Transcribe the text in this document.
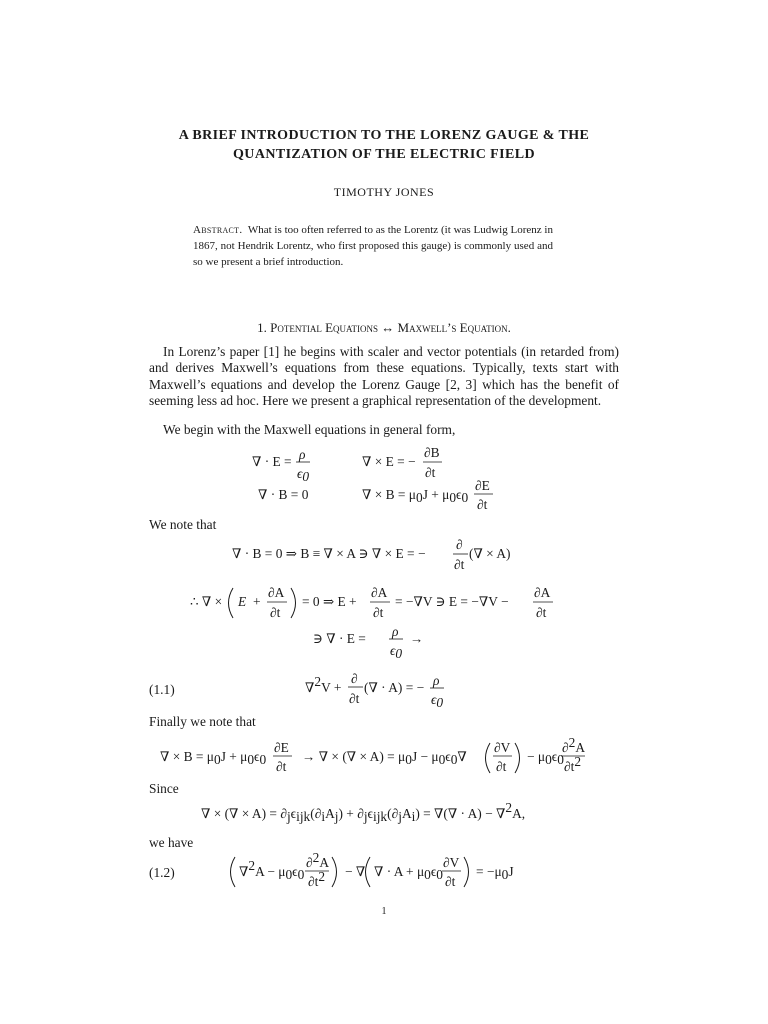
A BRIEF INTRODUCTION TO THE LORENZ GAUGE & THE QUANTIZATION OF THE ELECTRIC FIELD
TIMOTHY JONES
Abstract. What is too often referred to as the Lorentz (it was Ludwig Lorenz in 1867, not Hendrik Lorentz, who first proposed this gauge) is commonly used and so we present a brief introduction.
1. Potential Equations ↔ Maxwell’s Equation.
In Lorenz’s paper [1] he begins with scaler and vector potentials (in retarded from) and derives Maxwell’s equations from these equations. Typically, texts start with Maxwell’s equations and develop the Lorenz Gauge [2, 3] which has the benefit of seeming less ad hoc. Here we present a graphical representation of the development.
We begin with the Maxwell equations in general form,
We note that
(1.1)
Finally we note that
Since
we have
(1.2)
∇ · E = ρ
ϵ0
∇ × E = −
∂B
∂t
∇ · B = 0	∇ × B = μ0J + μ0ϵ0
∂E
∂t
∇ · B = 0 ⇒ B ≡ ∇ × A ∋ ∇ × E = −
∂
∂t
(∇ × A)
∴ ∇ × E +
∂A
∂t
= 0 ⇒ E +
∂A
∂t
= −∇V ∋ E = −∇V −
∂A
∂t
∋ ∇ · E = ρ
ϵ0
→
∇2V +
∂
∂t
(∇ · A) = − ρ
ϵ0
∇ × B = μ0J + μ0ϵ0
∂E
∂t
→ ∇ × (∇ × A) = μ0J − μ0ϵ0∇
∂V
∂t
− μ0ϵ0
∂2A
∂t2
∇ × (∇ × A) = ∂jϵijk(∂iAj) + ∂jϵijk(∂jAi) = ∇(∇ · A) − ∇2A,
∇2A − μ0ϵ0
∂2A
∂t2 − ∇ ∇ · A + μ0ϵ0
∂V
∂t
= −μ0J
1
